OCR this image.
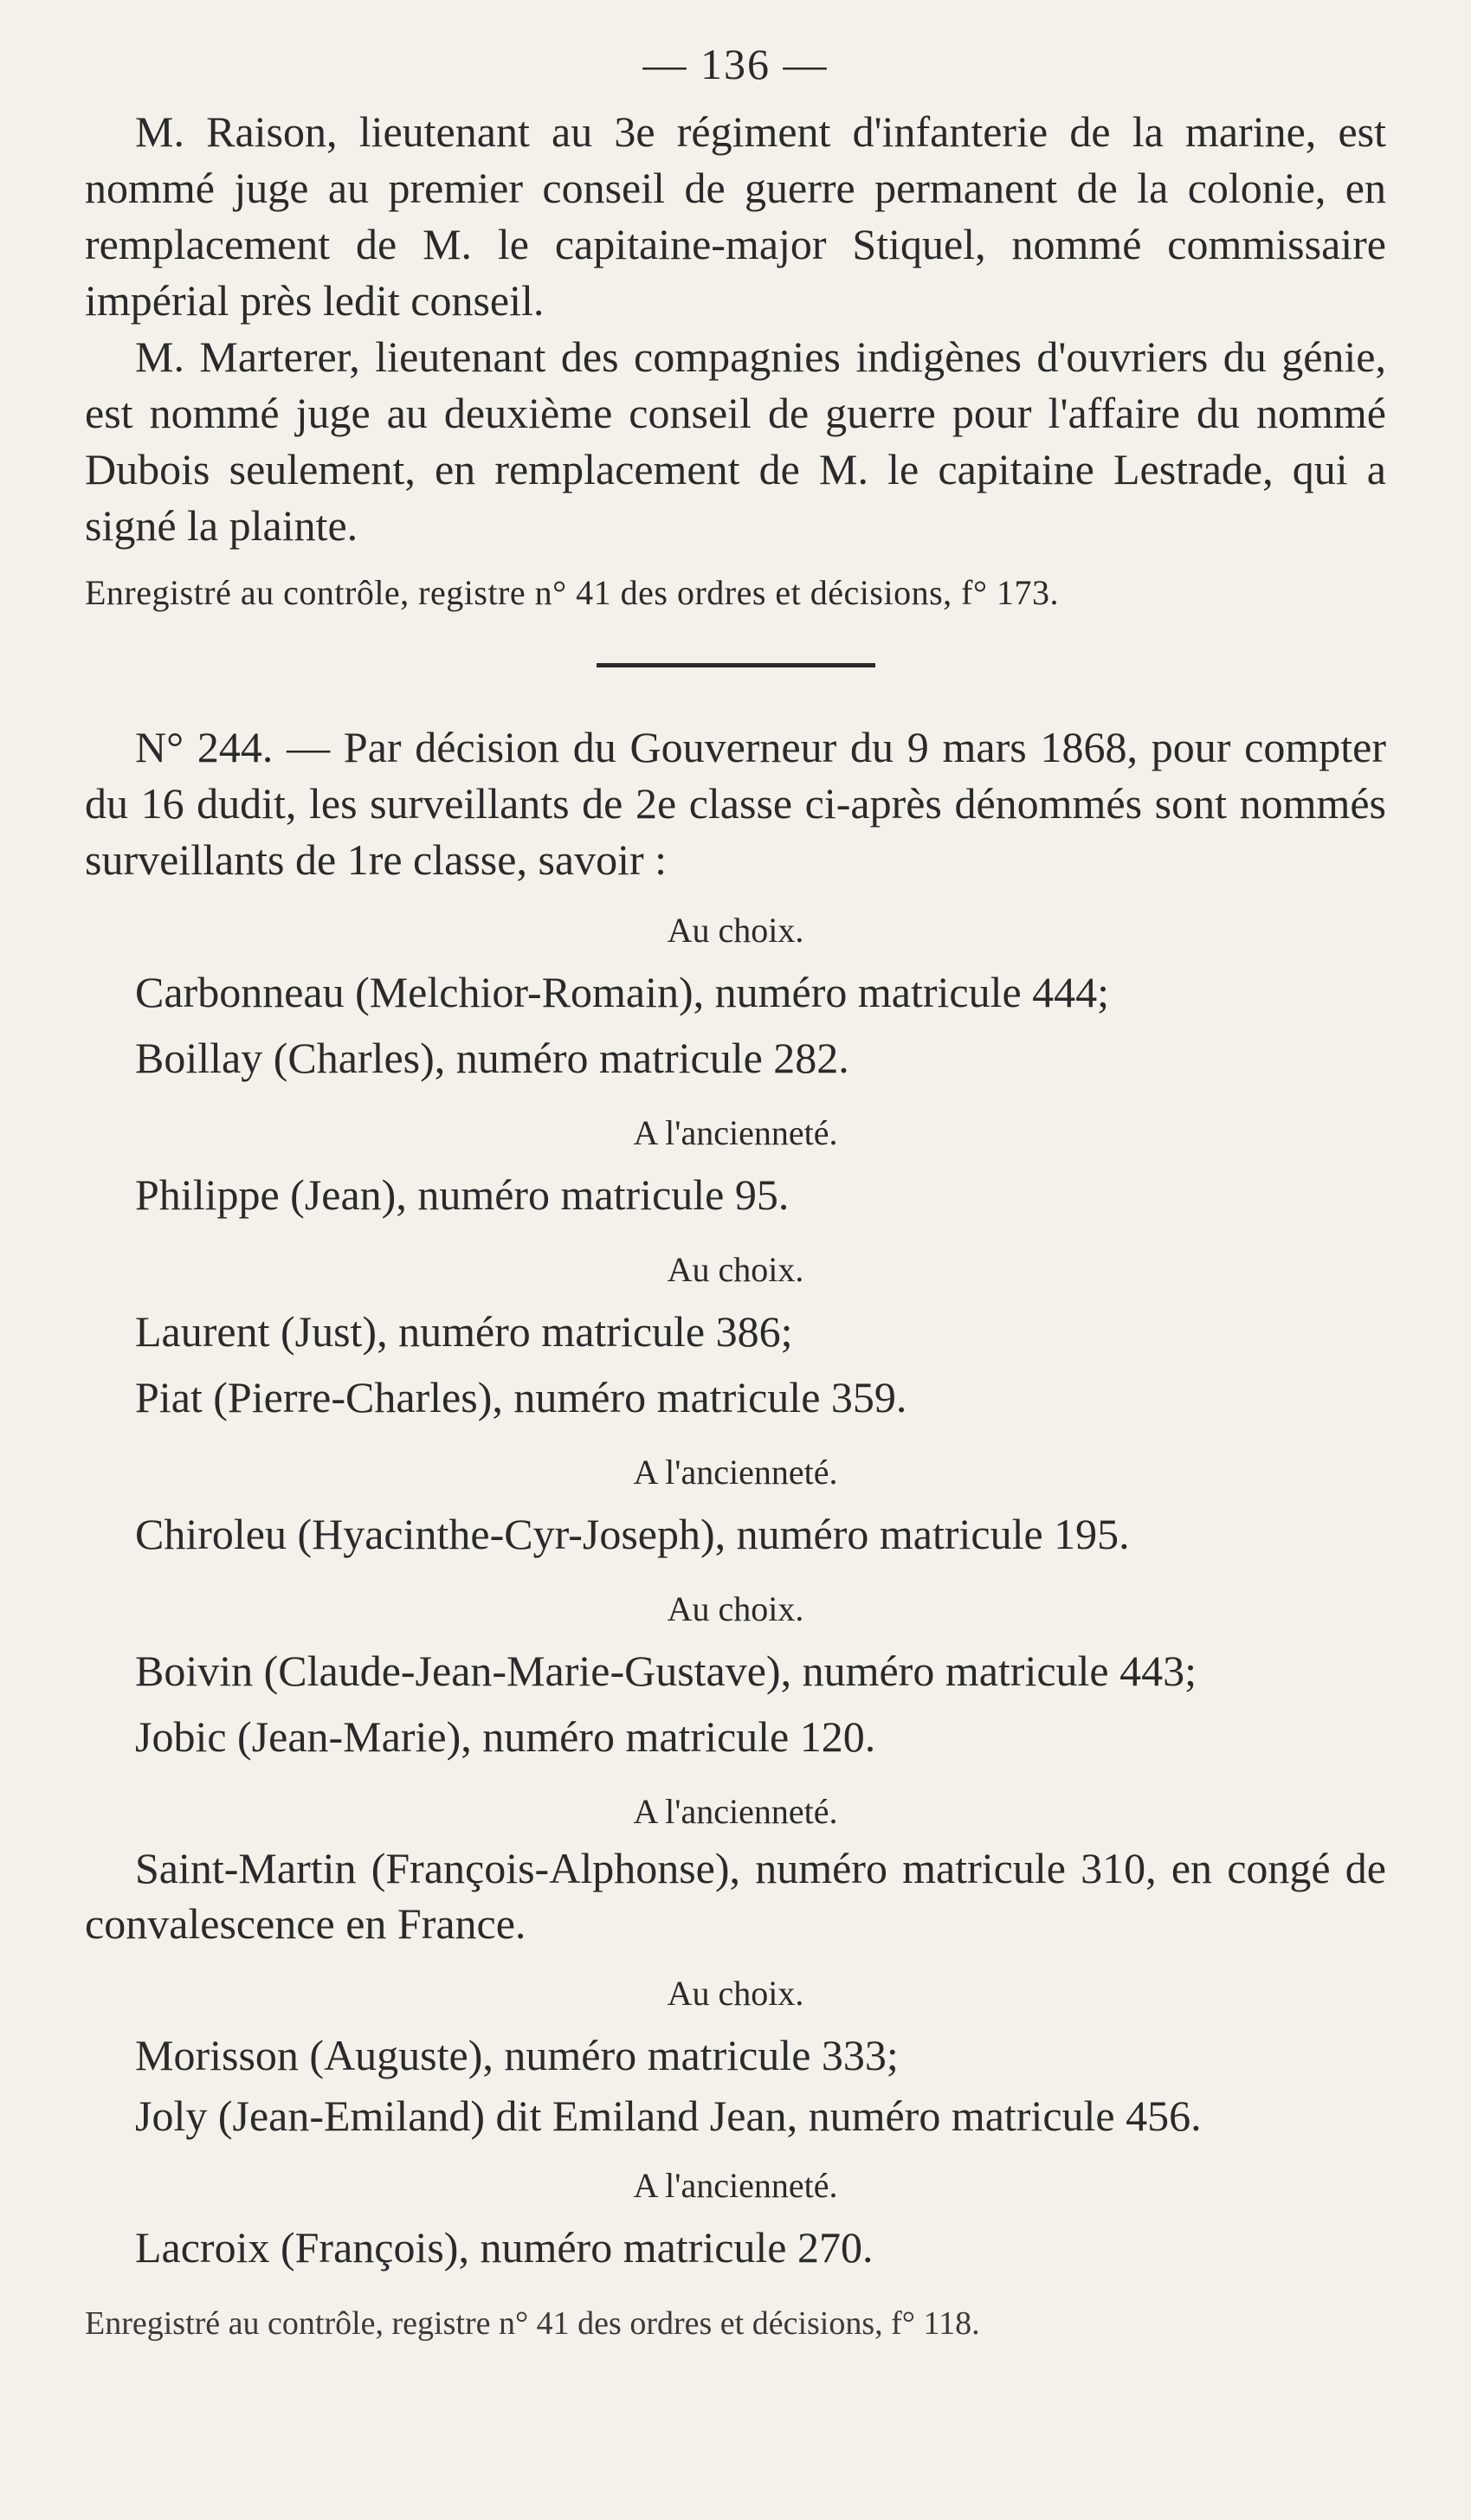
— 136 —

M. Raison, lieutenant au 3e régiment d'infanterie de la marine, est nommé juge au premier conseil de guerre permanent de la colonie, en remplacement de M. le capitaine-major Stiquel, nommé commissaire impérial près ledit conseil.

M. Marterer, lieutenant des compagnies indigènes d'ouvriers du génie, est nommé juge au deuxième conseil de guerre pour l'affaire du nommé Dubois seulement, en remplacement de M. le capitaine Lestrade, qui a signé la plainte.

Enregistré au contrôle, registre n° 41 des ordres et décisions, f° 173.

N° 244. — Par décision du Gouverneur du 9 mars 1868, pour compter du 16 dudit, les surveillants de 2e classe ci-après dénommés sont nommés surveillants de 1re classe, savoir :

Au choix.

Carbonneau (Melchior-Romain), numéro matricule 444;

Boillay (Charles), numéro matricule 282.

A l'ancienneté.

Philippe (Jean), numéro matricule 95.

Au choix.

Laurent (Just), numéro matricule 386;

Piat (Pierre-Charles), numéro matricule 359.

A l'ancienneté.

Chiroleu (Hyacinthe-Cyr-Joseph), numéro matricule 195.

Au choix.

Boivin (Claude-Jean-Marie-Gustave), numéro matricule 443;

Jobic (Jean-Marie), numéro matricule 120.

A l'ancienneté.

Saint-Martin (François-Alphonse), numéro matricule 310, en congé de convalescence en France.

Au choix.

Morisson (Auguste), numéro matricule 333;

Joly (Jean-Emiland) dit Emiland Jean, numéro matricule 456.

A l'ancienneté.

Lacroix (François), numéro matricule 270.

Enregistré au contrôle, registre n° 41 des ordres et décisions, f° 118.
